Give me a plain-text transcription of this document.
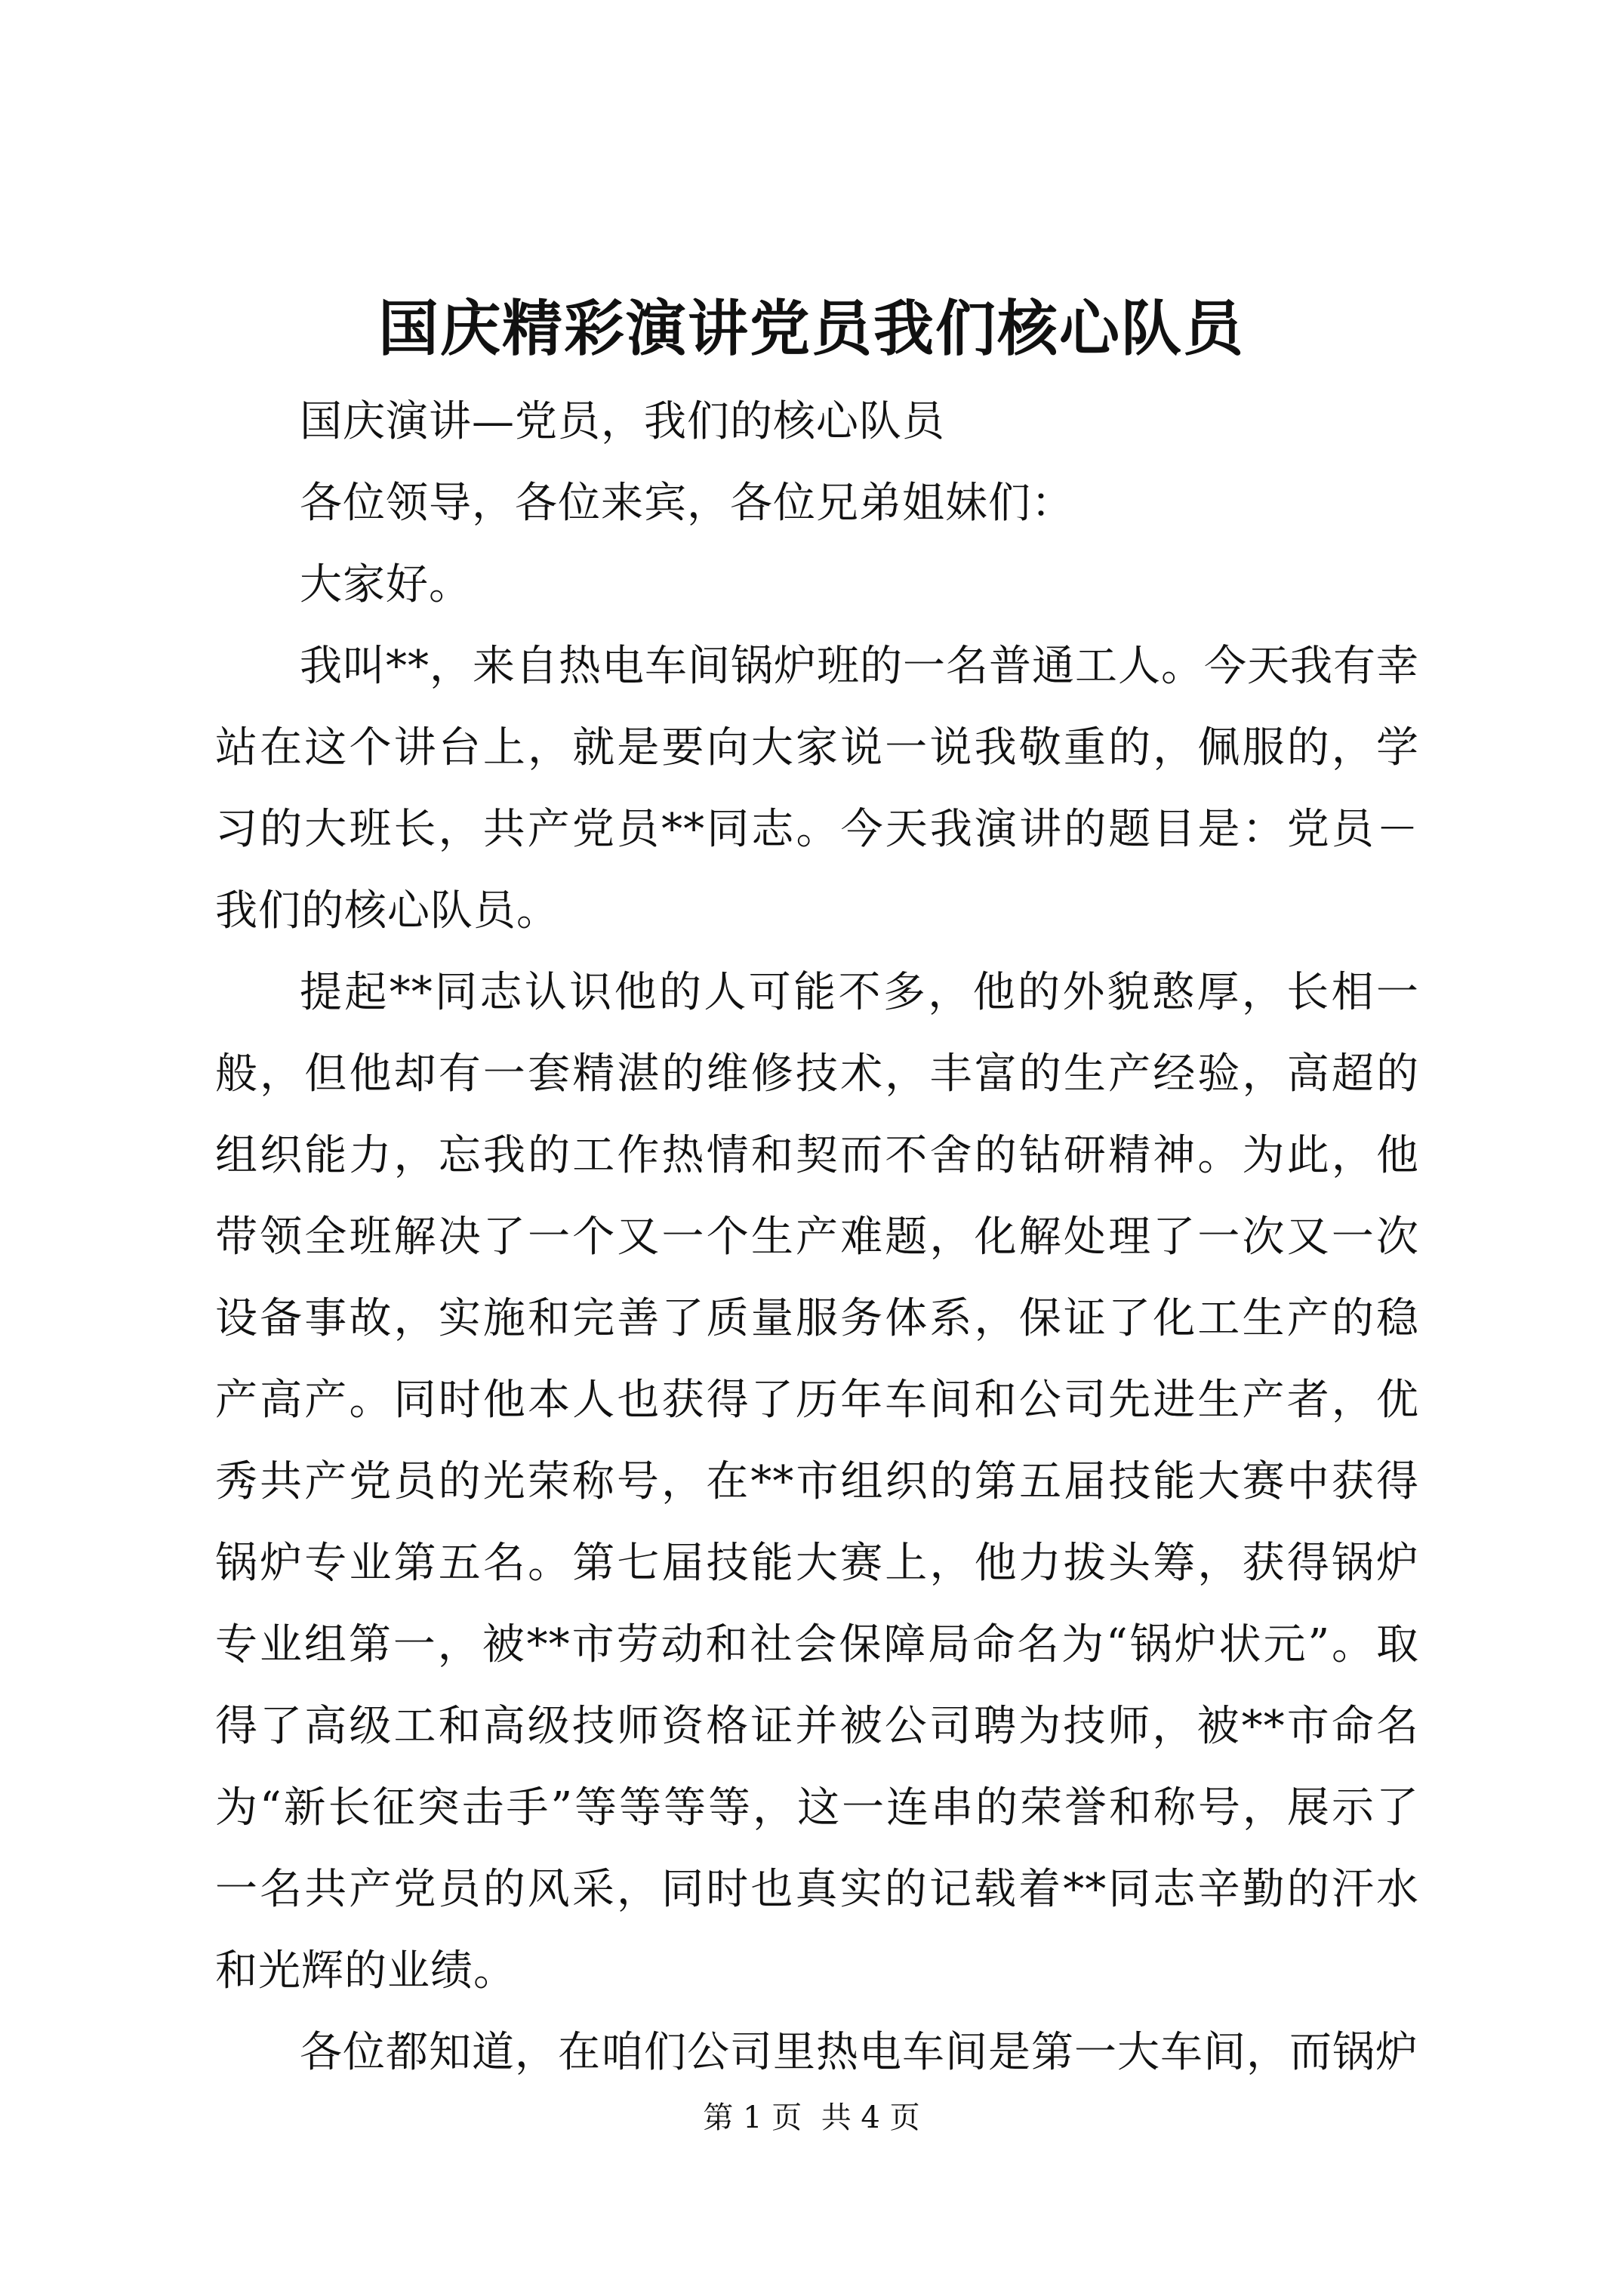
国庆精彩演讲党员我们核心队员

国庆演讲—党员，我们的核心队员

各位领导，各位来宾，各位兄弟姐妹们：

大家好。

我叫**，来自热电车间锅炉班的一名普通工人。今天我有幸站在这个讲台上，就是要向大家说一说我敬重的，佩服的，学习的大班长，共产党员**同志。今天我演讲的题目是：党员－我们的核心队员。

提起**同志认识他的人可能不多，他的外貌憨厚，长相一般，但他却有一套精湛的维修技术，丰富的生产经验，高超的组织能力，忘我的工作热情和契而不舍的钻研精神。为此，他带领全班解决了一个又一个生产难题，化解处理了一次又一次设备事故，实施和完善了质量服务体系，保证了化工生产的稳产高产。同时他本人也获得了历年车间和公司先进生产者，优秀共产党员的光荣称号，在**市组织的第五届技能大赛中获得锅炉专业第五名。第七届技能大赛上，他力拔头筹，获得锅炉专业组第一，被**市劳动和社会保障局命名为“锅炉状元”。取得了高级工和高级技师资格证并被公司聘为技师，被**市命名为“新长征突击手”等等等等，这一连串的荣誉和称号，展示了一名共产党员的风采，同时也真实的记载着**同志辛勤的汗水和光辉的业绩。

各位都知道，在咱们公司里热电车间是第一大车间，而锅炉

第 1 页  共 4 页
